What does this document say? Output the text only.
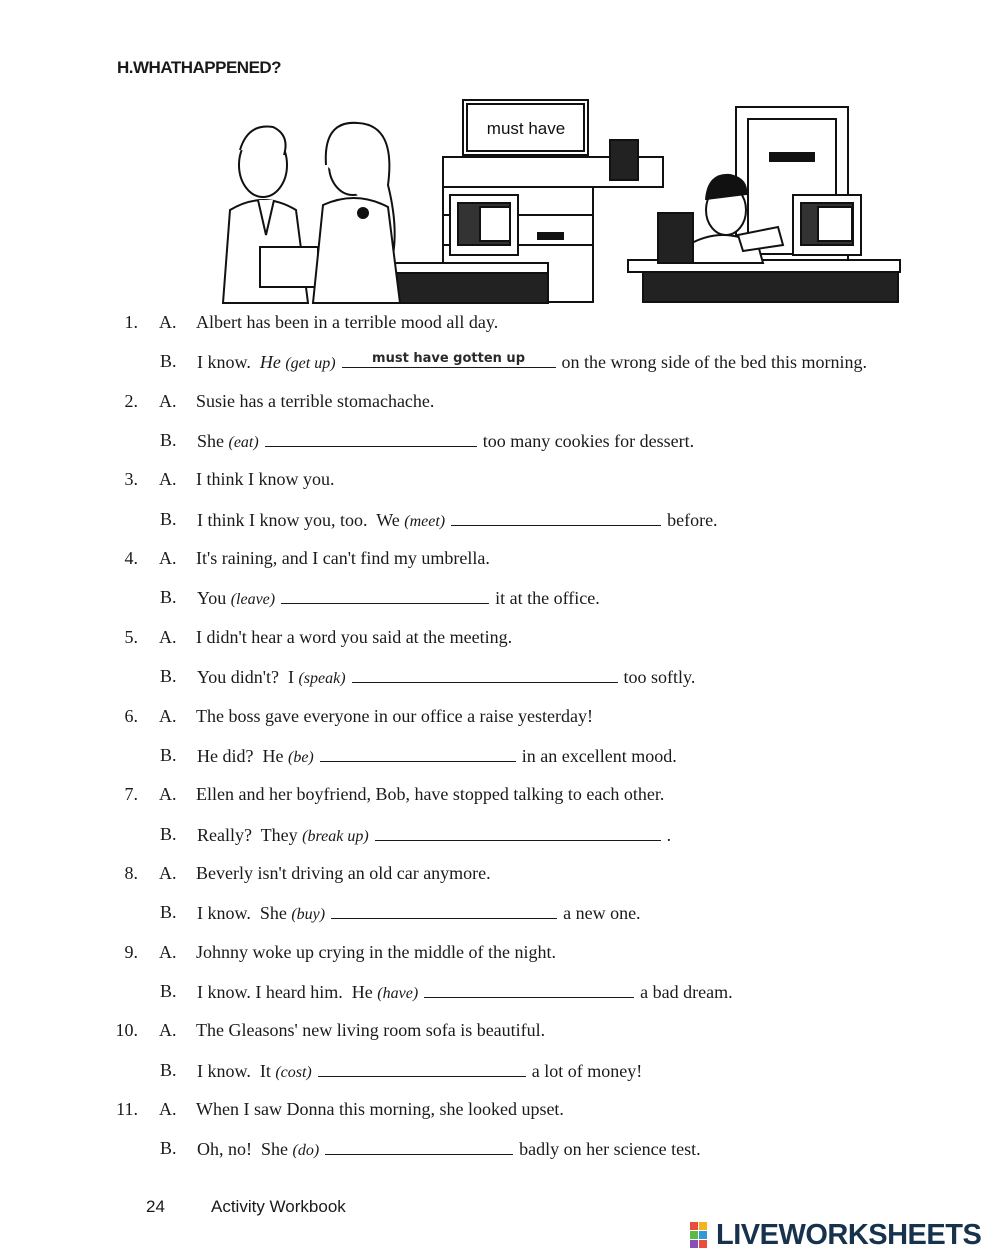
H.WHATHAPPENED?
must have
1. A. Albert has been in a terrible mood all day.
B. I know. He (get up)	must have gotten up	on the wrong side of the bed this morning.
2. A. Susie has a terrible stomachache.
B. She (eat)	too many cookies for dessert.
3. A. I think I know you.
B. I think I know you, too. We (meet)	before.
4. A. It's raining, and I can't find my umbrella.
B. You (leave)	it at the office.
5. A. I didn't hear a word you said at the meeting.
B. You didn't? I (speak)	too softly.
6. A. The boss gave everyone in our office a raise yesterday!
B. He did? He (be)	in an excellent mood.
7. A. Ellen and her boyfriend, Bob, have stopped talking to each other.
B. Really? They (break up)	.
8. A. Beverly isn't driving an old car anymore.
B. I know. She (buy)	a new one.
9. A. Johnny woke up crying in the middle of the night.
B. I know. I heard him. He (have)	a bad dream.
10. A. The Gleasons' new living room sofa is beautiful.
B. I know. It (cost)	a lot of money!
11. A. When I saw Donna this morning, she looked upset.
B. Oh, no! She (do)	badly on her science test.
24	Activity Workbook
LIVEWORKSHEETS
